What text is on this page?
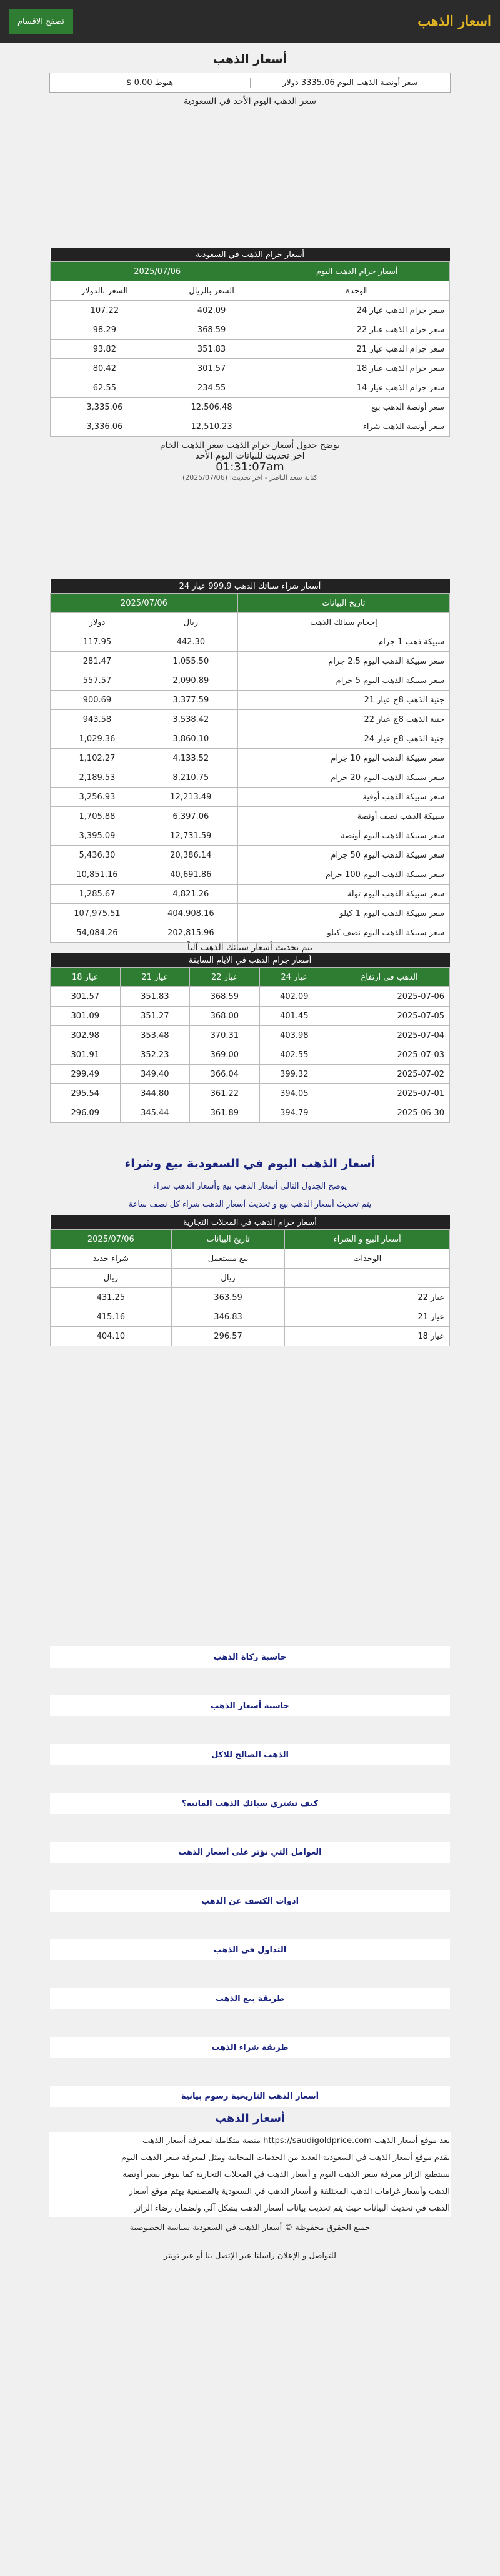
اسعار الذهب
تصفح الاقسام
أسعار الذهب
سعر أونصة الذهب اليوم 3335.06 دولار
هبوط 0.00 $
سعر الذهب اليوم الأحد في السعودية
أسعار جرام الذهب في السعودية		
أسعار جرام الذهب اليوم	2025/07/06	
الوحدة	السعر بالريال	السعر بالدولار
سعر جرام الذهب عيار 24	402.09	107.22
سعر جرام الذهب عيار 22	368.59	98.29
سعر جرام الذهب عيار 21	351.83	93.82
سعر جرام الذهب عيار 18	301.57	80.42
سعر جرام الذهب عيار 14	234.55	62.55
سعر أونصة الذهب بيع	12,506.48	3,335.06
سعر أونصة الذهب شراء	12,510.23	3,336.06
يوضح جدول أسعار جرام الذهب سعر الذهب الخام
اخر تحديث للبيانات اليوم الأحد
01:31:07am
كتابة سعد الناصر - آخر تحديث: (2025/07/06)
أسعار شراء سبائك الذهب 999.9 عيار 24		
تاريخ البيانات	2025/07/06	
إحجام سبائك الذهب	ريال	دولار
سبيكة ذهب 1 جرام	442.30	117.95
سعر سبيكة الذهب اليوم 2.5 جرام	1,055.50	281.47
سعر سبيكة الذهب اليوم 5 جرام	2,090.89	557.57
جنية الذهب 8ج عيار 21	3,377.59	900.69
جنية الذهب 8ج عيار 22	3,538.42	943.58
جنية الذهب 8ج عيار 24	3,860.10	1,029.36
سعر سبيكة الذهب اليوم 10 جرام	4,133.52	1,102.27
سعر سبيكة الذهب اليوم 20 جرام	8,210.75	2,189.53
سعر سبيكة الذهب أوقية	12,213.49	3,256.93
سبيكة الذهب نصف أونصة	6,397.06	1,705.88
سعر سبيكة الذهب اليوم أونصة	12,731.59	3,395.09
سعر سبيكة الذهب اليوم 50 جرام	20,386.14	5,436.30
سعر سبيكة الذهب اليوم 100 جرام	40,691.86	10,851.16
سعر سبيكة الذهب اليوم تولة	4,821.26	1,285.67
سعر سبيكة الذهب اليوم 1 كيلو	404,908.16	107,975.51
سعر سبيكة الذهب اليوم نصف كيلو	202,815.96	54,084.26
يتم تحديث أسعار سبائك الذهب آلياً
أسعار جرام الذهب في الايام السابقة				
الذهب في ارتفاع	عيار 24	عيار 22	عيار 21	عيار 18
2025-07-06	402.09	368.59	351.83	301.57
2025-07-05	401.45	368.00	351.27	301.09
2025-07-04	403.98	370.31	353.48	302.98
2025-07-03	402.55	369.00	352.23	301.91
2025-07-02	399.32	366.04	349.40	299.49
2025-07-01	394.05	361.22	344.80	295.54
2025-06-30	394.79	361.89	345.44	296.09
أسعار الذهب اليوم في السعودية بيع وشراء
يوضح الجدول التالي أسعار الذهب بيع وأسعار الذهب شراء
يتم تحديث أسعار الذهب بيع و تحديث أسعار الذهب شراء كل نصف ساعة
أسعار جرام الذهب في المحلات التجارية		
أسعار البيع و الشراء	تاريخ البيانات	2025/07/06
الوحدات	بيع مستعمل	شراء جديد
	ريال	ريال
عيار 22	363.59	431.25
عيار 21	346.83	415.16
عيار 18	296.57	404.10
حاسبة زكاة الذهب
حاسبة أسعار الذهب
الذهب الصالح للاكل
كيف تشتري سبائك الذهب المانيه؟
العوامل التي تؤثر على أسعار الذهب
ادوات الكشف عن الذهب
التداول في الذهب
طريقة بيع الذهب
طريقة شراء الذهب
أسعار الذهب التاريخية رسوم بيانية
أسعار الذهب
يعد موقع أسعار الذهب https://saudigoldprice.com منصة متكاملة لمعرفة أسعار الذهب
يقدم موقع أسعار الذهب في السعودية العديد من الخدمات المجانية ومثل لمعرفة سعر الذهب اليوم
بستطيع الزائر معرفة سعر الذهب اليوم و أسعار الذهب في المحلات التجارية كما يتوفر سعر أونصة
الذهب وأسعار غرامات الذهب المختلفة و أسعار الذهب في السعودية بالمصنعية يهتم موقع أسعار
الذهب في تحديث البيانات حيث يتم تحديث بيانات أسعار الذهب بشكل آلي ولضمان رضاء الزائر
جميع الحقوق محفوظة © أسعار الذهب في السعودية سياسة الخصوصية
للتواصل و الإعلان راسلنا عبر الإتصل بنا أو عبر تويتر
